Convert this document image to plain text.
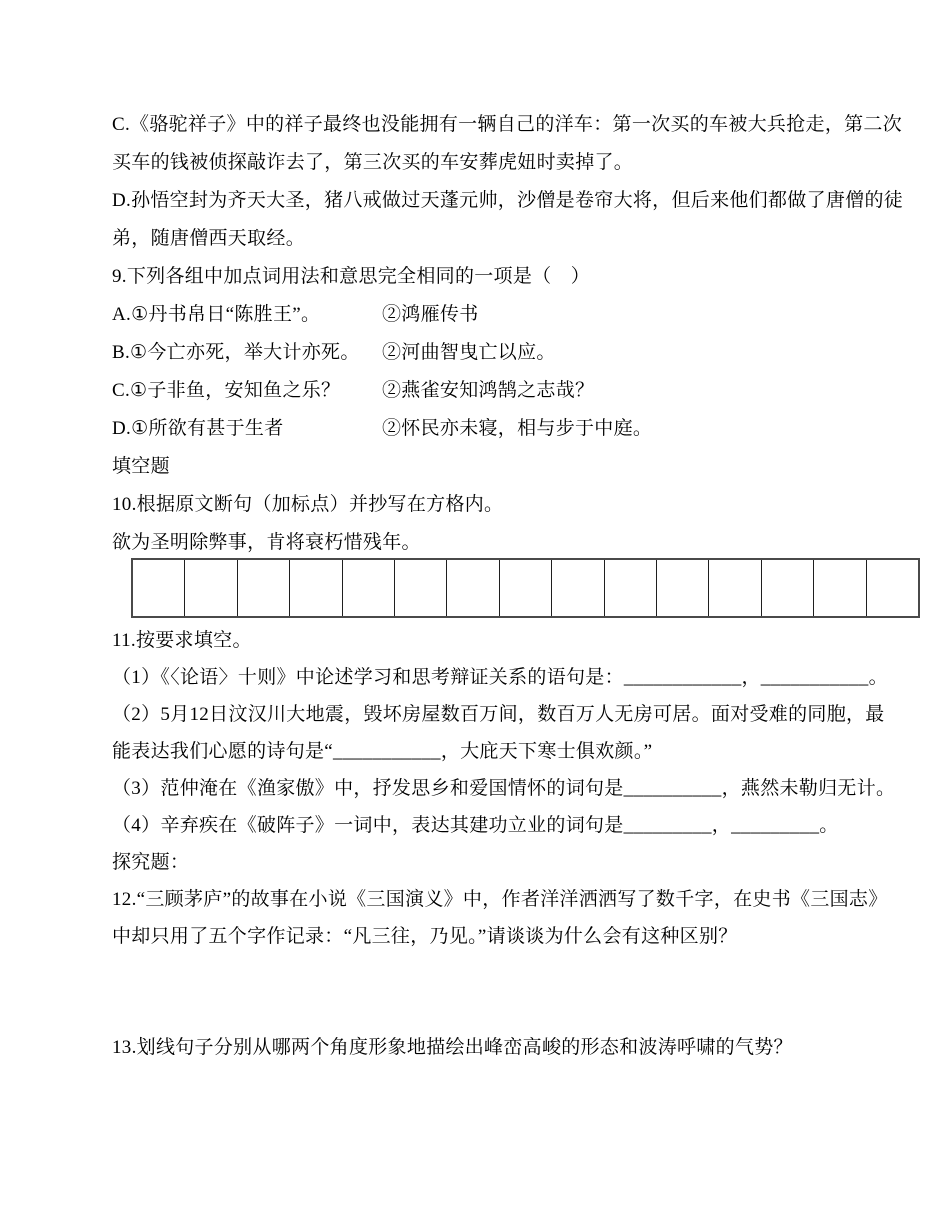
C.《骆驼祥子》中的祥子最终也没能拥有一辆自己的洋车：第一次买的车被大兵抢走，第二次
买车的钱被侦探敲诈去了，第三次买的车安葬虎妞时卖掉了。
D.孙悟空封为齐天大圣，猪八戒做过天蓬元帅，沙僧是卷帘大将，但后来他们都做了唐僧的徒
弟，随唐僧西天取经。
9.下列各组中加点词用法和意思完全相同的一项是（　）
A.①丹书帛日“陈胜王”。	②鸿雁传书
B.①今亡亦死，举大计亦死。 ②河曲智曳亡以应。
C.①子非鱼，安知鱼之乐？ ②燕雀安知鸿鹄之志哉？
D.①所欲有甚于生者	②怀民亦未寝，相与步于中庭。
填空题
10.根据原文断句（加标点）并抄写在方格内。
欲为圣明除弊事，肯将衰朽惜残年。
11.按要求填空。
（1）《〈论语〉十则》中论述学习和思考辩证关系的语句是：____________，___________。
（2）5月12日汶汉川大地震，毁坏房屋数百万间，数百万人无房可居。面对受难的同胞，最
能表达我们心愿的诗句是“___________，大庇天下寒士俱欢颜。”
（3）范仲淹在《渔家傲》中，抒发思乡和爱国情怀的词句是__________，燕然未勒归无计。
（4）辛弃疾在《破阵子》一词中，表达其建功立业的词句是_________，_________。
探究题：
12.“三顾茅庐”的故事在小说《三国演义》中，作者洋洋洒洒写了数千字，在史书《三国志》
中却只用了五个字作记录：“凡三往，乃见。”请谈谈为什么会有这种区别？
13.划线句子分别从哪两个角度形象地描绘出峰峦高峻的形态和波涛呼啸的气势？
